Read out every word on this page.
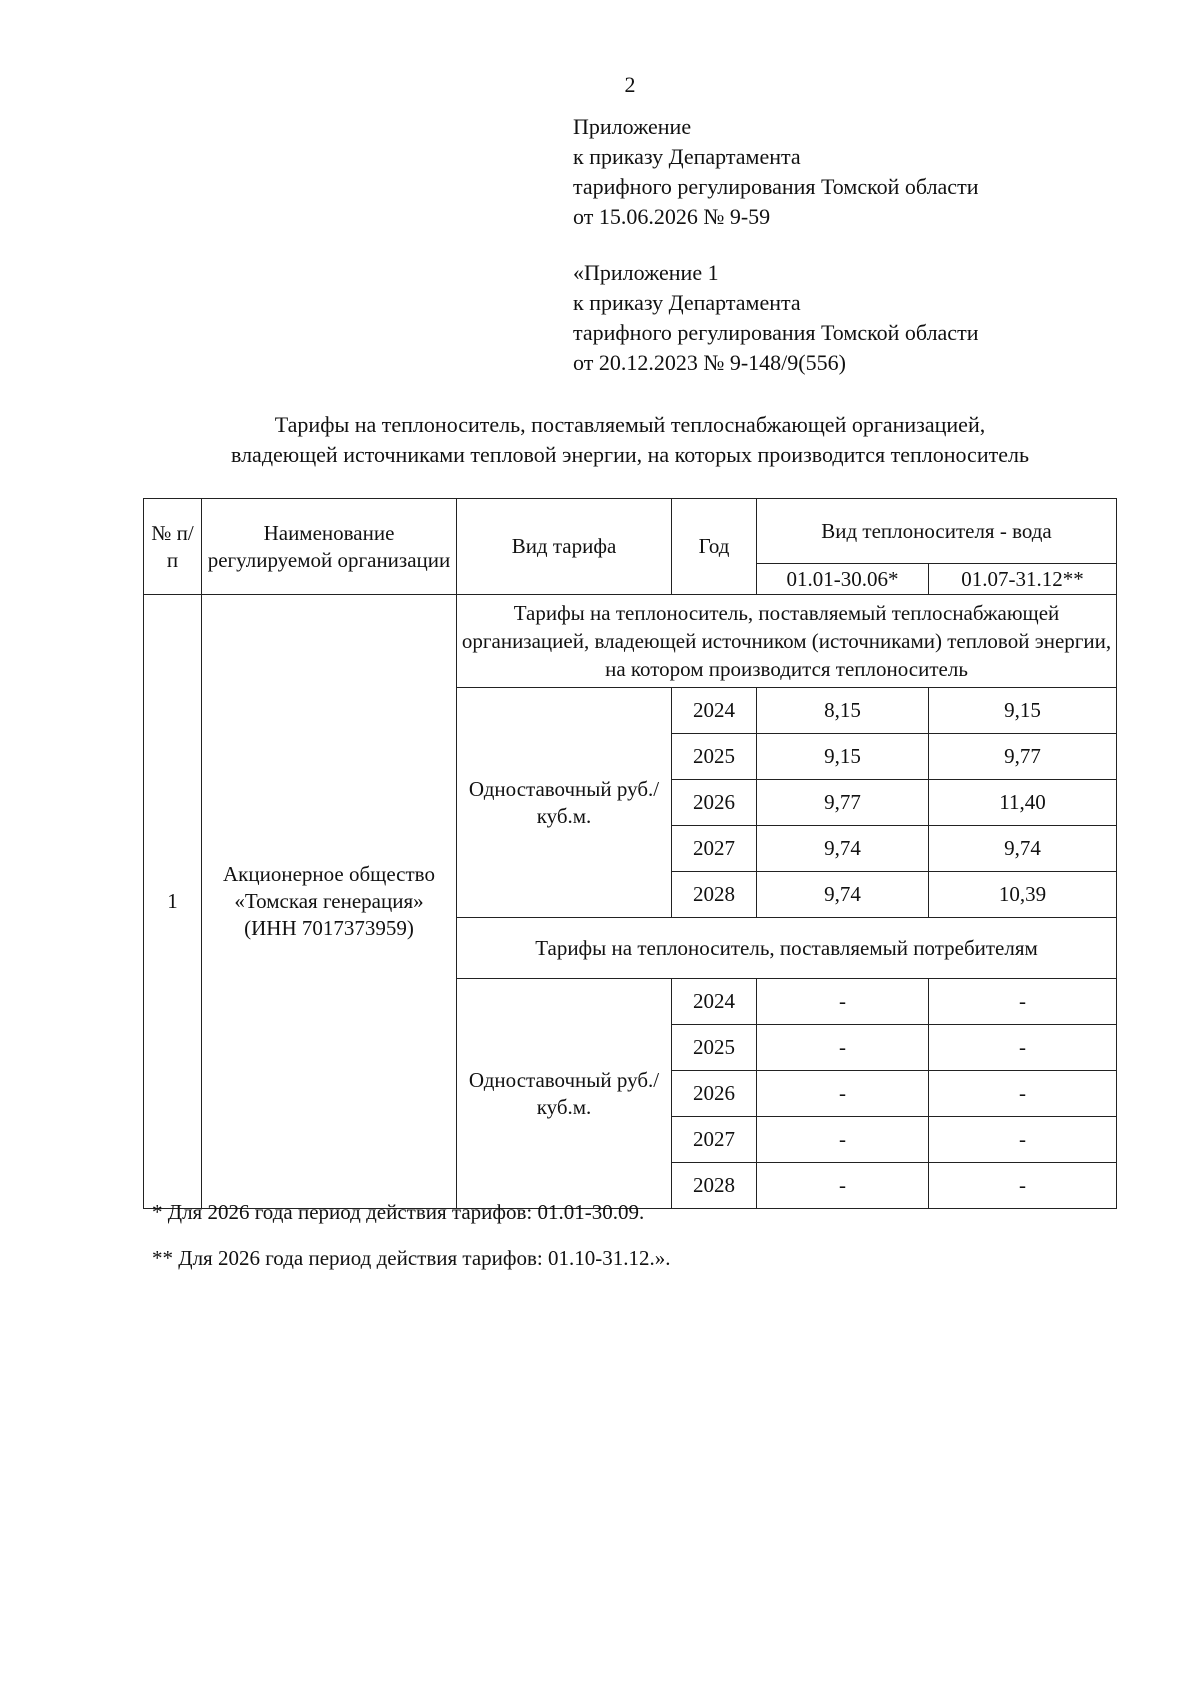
2
Приложение
к приказу Департамента
тарифного регулирования Томской области
от 15.06.2026 № 9-59
«Приложение 1
к приказу Департамента
тарифного регулирования Томской области
от 20.12.2023 № 9-148/9(556)
Тарифы на теплоноситель, поставляемый теплоснабжающей организацией,
владеющей источниками тепловой энергии, на которых производится теплоноситель
№ п/п	Наименование регулируемой организации	Вид тарифа	Год	Вид теплоносителя - вода	
				01.01-30.06*	01.07-31.12**
1	Акционерное общество «Томская генерация» (ИНН 7017373959)	Тарифы на теплоноситель, поставляемый теплоснабжающей организацией, владеющей источником (источниками) тепловой энергии, на котором производится теплоноситель			
		Одноставочный руб./куб.м.	2024	8,15	9,15
			2025	9,15	9,77
			2026	9,77	11,40
			2027	9,74	9,74
			2028	9,74	10,39
		Тарифы на теплоноситель, поставляемый потребителям			
		Одноставочный руб./куб.м.	2024	-	-
			2025	-	-
			2026	-	-
			2027	-	-
			2028	-	-
* Для 2026 года период действия тарифов: 01.01-30.09.
** Для 2026 года период действия тарифов: 01.10-31.12.».
